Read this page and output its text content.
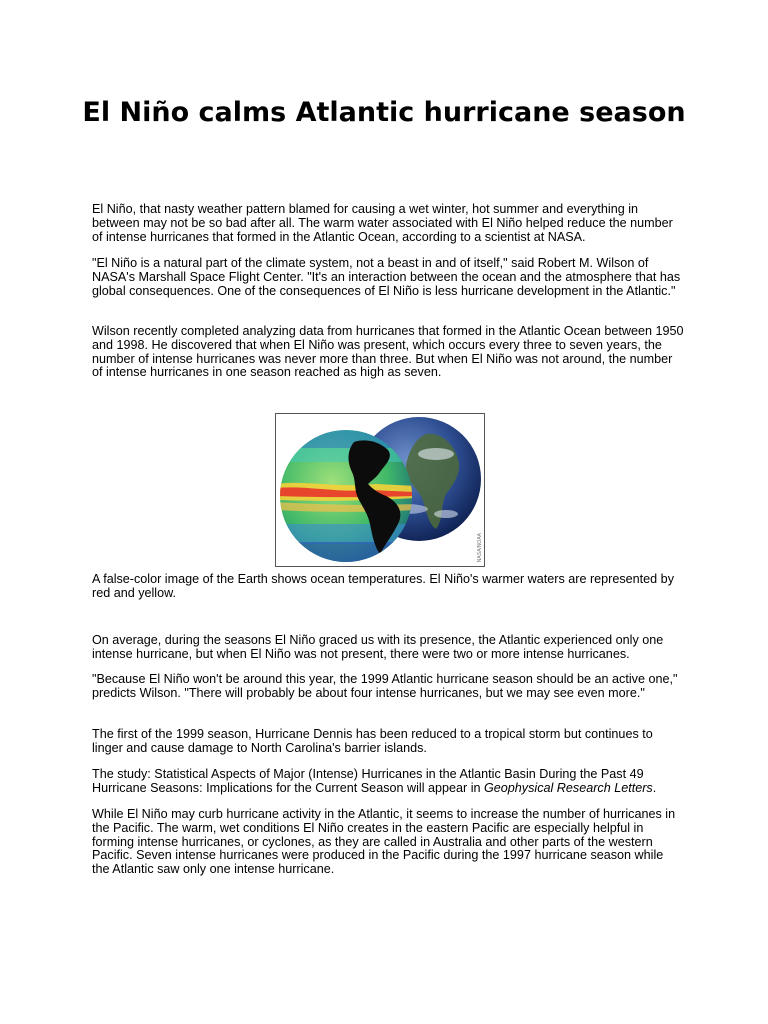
El Niño calms Atlantic hurricane season

El Niño, that nasty weather pattern blamed for causing a wet winter, hot summer and everything in between may not be so bad after all. The warm water associated with El Niño helped reduce the number of intense hurricanes that formed in the Atlantic Ocean, according to a scientist at NASA.

"El Niño is a natural part of the climate system, not a beast in and of itself," said Robert M. Wilson of NASA's Marshall Space Flight Center. "It's an interaction between the ocean and the atmosphere that has global consequences. One of the consequences of El Niño is less hurricane development in the Atlantic."

Wilson recently completed analyzing data from hurricanes that formed in the Atlantic Ocean between 1950 and 1998. He discovered that when El Niño was present, which occurs every three to seven years, the number of intense hurricanes was never more than three. But when El Niño was not around, the number of intense hurricanes in one season reached as high as seven.

NASA/NOAA

A false-color image of the Earth shows ocean temperatures. El Niño's warmer waters are represented by red and yellow.

On average, during the seasons El Niño graced us with its presence, the Atlantic experienced only one intense hurricane, but when El Niño was not present, there were two or more intense hurricanes.

"Because El Niño won't be around this year, the 1999 Atlantic hurricane season should be an active one," predicts Wilson. "There will probably be about four intense hurricanes, but we may see even more."

The first of the 1999 season, Hurricane Dennis has been reduced to a tropical storm but continues to linger and cause damage to North Carolina's barrier islands.

The study: Statistical Aspects of Major (Intense) Hurricanes in the Atlantic Basin During the Past 49 Hurricane Seasons: Implications for the Current Season will appear in Geophysical Research Letters.

While El Niño may curb hurricane activity in the Atlantic, it seems to increase the number of hurricanes in the Pacific. The warm, wet conditions El Niño creates in the eastern Pacific are especially helpful in forming intense hurricanes, or cyclones, as they are called in Australia and other parts of the western Pacific. Seven intense hurricanes were produced in the Pacific during the 1997 hurricane season while the Atlantic saw only one intense hurricane.
